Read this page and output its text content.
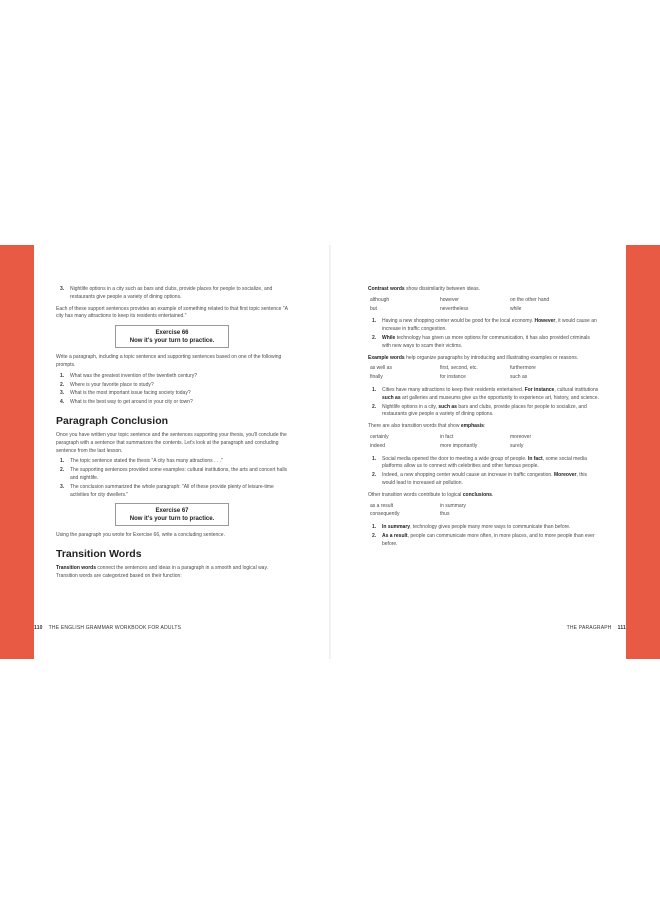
3. Nightlife options in a city such as bars and clubs, provide places for people to socialize, and restaurants give people a variety of dining options.

Each of these support sentences provides an example of something related to that first topic sentence "A city has many attractions to keep its residents entertained."

Exercise 66
Now it's your turn to practice.

Write a paragraph, including a topic sentence and supporting sentences based on one of the following prompts.

1. What was the greatest invention of the twentieth century?
2. Where is your favorite place to study?
3. What is the most important issue facing society today?
4. What is the best way to get around in your city or town?
Paragraph Conclusion

Once you have written your topic sentence and the sentences supporting your thesis, you'll conclude the paragraph with a sentence that summarizes the contents. Let's look at the paragraph and concluding sentence from the last lesson.

1. The topic sentence stated the thesis "A city has many attractions . . ."
2. The supporting sentences provided some examples: cultural institutions, the arts and concert halls and nightlife.
3. The conclusion summarized the whole paragraph: "All of these provide plenty of leisure-time activities for city dwellers."
Exercise 67
Now it's your turn to practice.

Using the paragraph you wrote for Exercise 66, write a concluding sentence.

Transition Words

Transition words connect the sentences and ideas in a paragraph in a smooth and logical way. Transition words are categorized based on their function:

110 THE ENGLISH GRAMMAR WORKBOOK FOR ADULTS

Contrast words show dissimilarity between ideas.

although	however	on the other hand
but	nevertheless	while
1. Having a new shopping center would be good for the local economy. However, it would cause an increase in traffic congestion.
2. While technology has given us more options for communication, it has also provided criminals with new ways to scam their victims.

Example words help organize paragraphs by introducing and illustrating examples or reasons.

as well as	first, second, etc.	furthermore
finally	for instance	such as
1. Cities have many attractions to keep their residents entertained. For instance, cultural institutions such as art galleries and museums give us the opportunity to experience art, history, and science.
2. Nightlife options in a city, such as bars and clubs, provide places for people to socialize, and restaurants give people a variety of dining options.

There are also transition words that show emphasis:

certainly	in fact	moreover
indeed	more importantly	surely
1. Social media opened the door to meeting a wide group of people. In fact, some social media platforms allow us to connect with celebrities and other famous people.
2. Indeed, a new shopping center would cause an increase in traffic congestion. Moreover, this would lead to increased air pollution.

Other transition words contribute to logical conclusions.

as a result	in summary
consequently	thus
1. In summary, technology gives people many more ways to communicate than before.
2. As a result, people can communicate more often, in more places, and to more people than ever before.
THE PARAGRAPH 111
